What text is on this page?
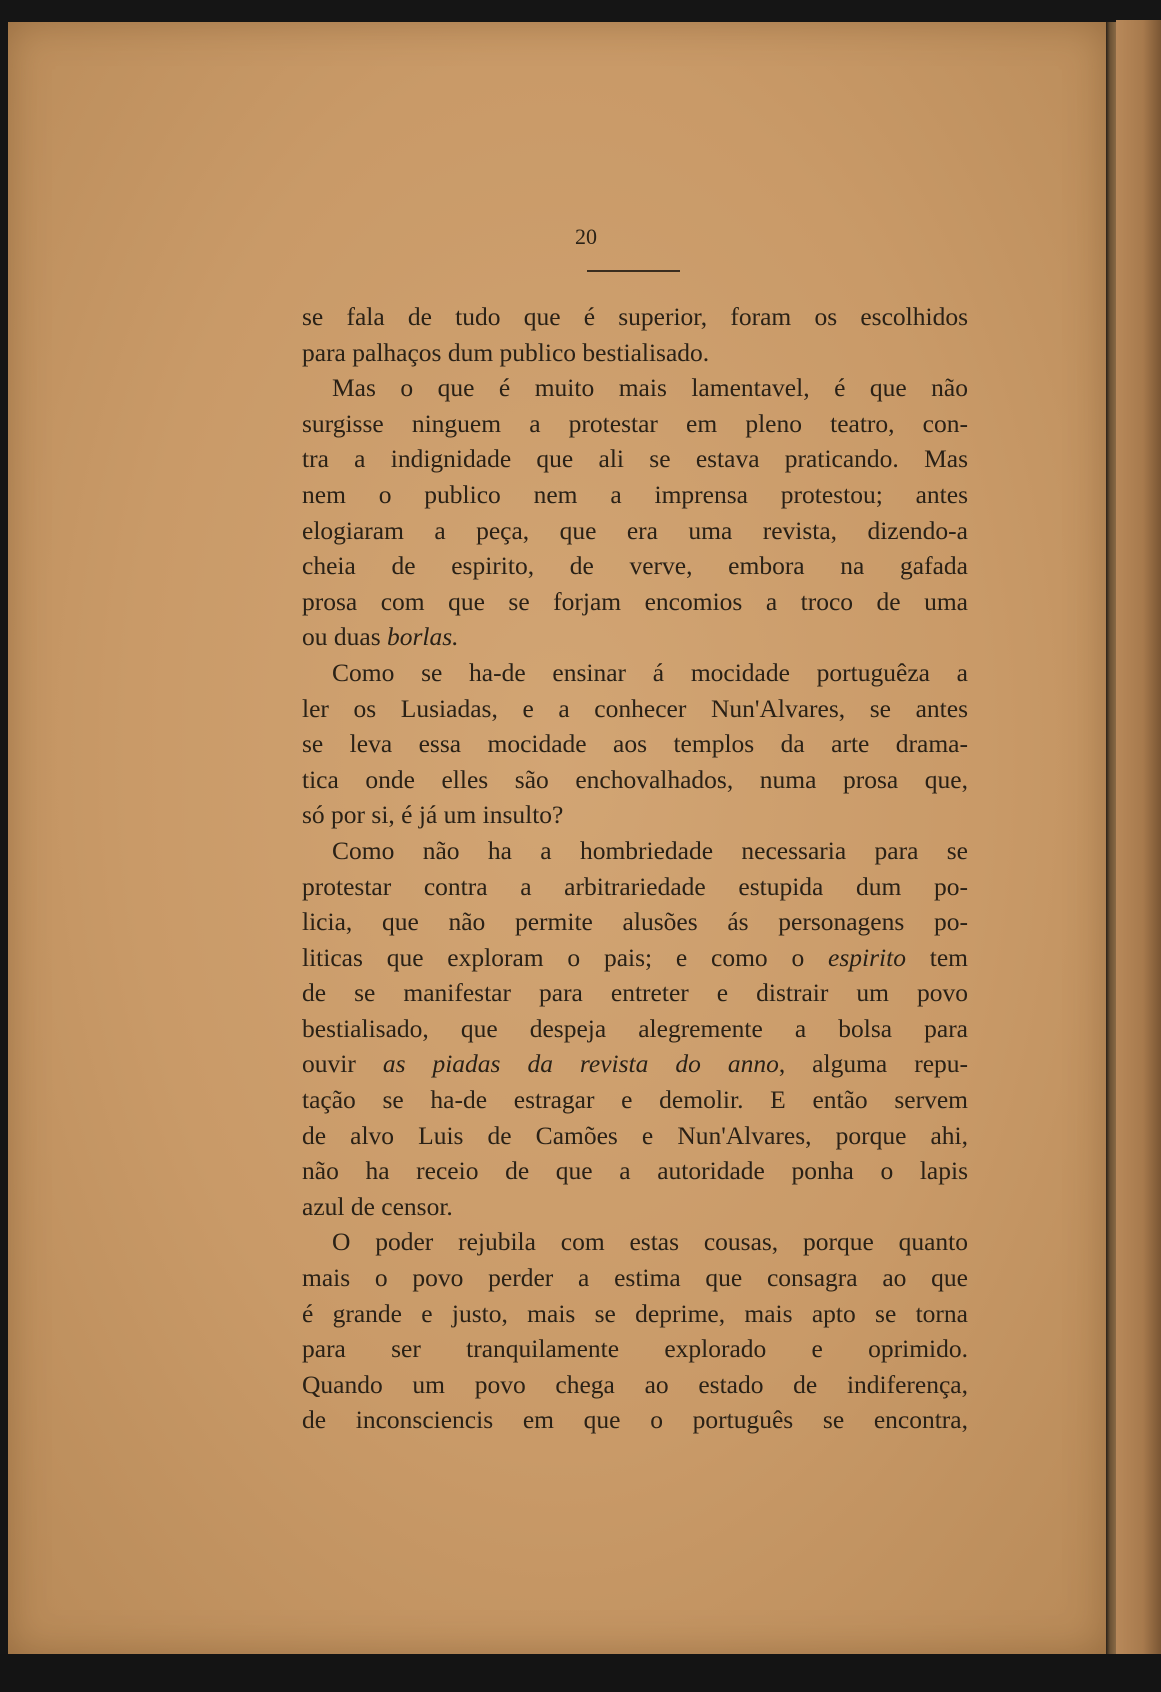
20
se fala de tudo que é superior, foram os escolhidos
para palhaços dum publico bestialisado.
Mas o que é muito mais lamentavel, é que não
surgisse ninguem a protestar em pleno teatro, con-
tra a indignidade que ali se estava praticando. Mas
nem o publico nem a imprensa protestou; antes
elogiaram a peça, que era uma revista, dizendo-a
cheia de espirito, de verve, embora na gafada
prosa com que se forjam encomios a troco de uma
ou duas borlas.
Como se ha-de ensinar á mocidade portuguêza a
ler os Lusiadas, e a conhecer Nun'Alvares, se antes
se leva essa mocidade aos templos da arte drama-
tica onde elles são enchovalhados, numa prosa que,
só por si, é já um insulto?
Como não ha a hombriedade necessaria para se
protestar contra a arbitrariedade estupida dum po-
licia, que não permite alusões ás personagens po-
liticas que exploram o pais; e como o espirito tem
de se manifestar para entreter e distrair um povo
bestialisado, que despeja alegremente a bolsa para
ouvir as piadas da revista do anno, alguma repu-
tação se ha-de estragar e demolir. E então servem
de alvo Luis de Camões e Nun'Alvares, porque ahi,
não ha receio de que a autoridade ponha o lapis
azul de censor.
O poder rejubila com estas cousas, porque quanto
mais o povo perder a estima que consagra ao que
é grande e justo, mais se deprime, mais apto se torna
para ser tranquilamente explorado e oprimido.
Quando um povo chega ao estado de indiferença,
de inconsciencis em que o português se encontra,
